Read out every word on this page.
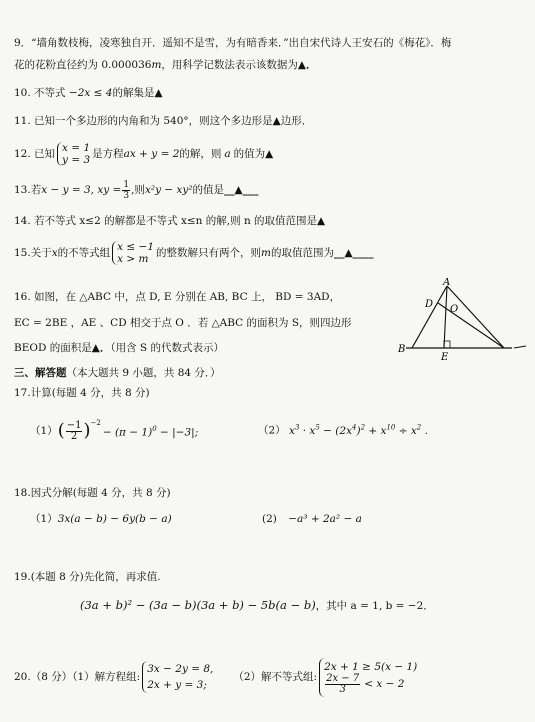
9．“墙角数枝梅，凌寒独自开．遥知不是雪，为有暗香来．”出自宋代诗人王安石的《梅花》．梅
花的花粉直径约为 0.000036m，用科学记数法表示该数据为▲．
10. 不等式 −2x ≤ 4的解集是▲
11. 已知一个多边形的内角和为 540°，则这个多边形是▲边形．
12. 已知 x = 1
y = 3 是方程 ax + y = 2 的解，则 a 的值为 ▲
13.若 x − y = 3, xy = $\frac{1}{3}$ ,则 x²y − xy² 的值是 __▲___
14. 若不等式 x≤2 的解都是不等式 x≤n 的解,则 n 的取值范围是▲
15.关于 x 的不等式组 x ≤ −1
x > m 的整数解只有两个，则 m 的取值范围为 __▲____
16. 如图，在 △ABC 中，点 D, E 分别在 AB, BC 上， BD = 3AD，
EC = 2BE ，AE 、CD 相交于点 O ．若 △ABC 的面积为 S，则四边形
BEOD 的面积是▲．（用含 S 的代数式表示）
A
D O
B
E
三、解答题（本大题共 9 小题，共 84 分．）
17.计算(每题 4 分，共 8 分)
（1） ( $\frac{-1}{2} )^{-2}$
− $(\pi - 1)^0 - |-3|$;	（2） $x^3 \cdot x^5 - (2x^4)^2 + x^{10} \div x^2$ .
18.因式分解(每题 4 分，共 8 分)
（1）3x(a − b) − 6y(b − a)	(2) −a³ + 2a² − a
19.(本题 8 分)先化简，再求值.
(3a + b)² − (3a − b)(3a + b) − 5b(a − b)，其中 a = 1, b = −2．
20.（8 分）（1）解方程组:
3x − 2y = 8,
2x + y = 3;
（2）解不等式组:
2x + 1 ≥ 5(x − 1)
$\frac{2x - 7}{3} < x - 2$
